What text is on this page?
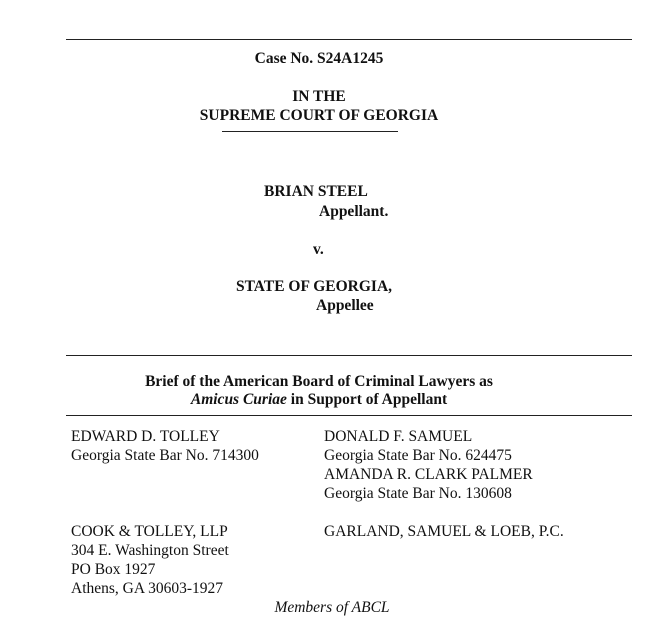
Case No. S24A1245
IN THE
SUPREME COURT OF GEORGIA
BRIAN STEEL
Appellant.
v.
STATE OF GEORGIA,
Appellee
Brief of the American Board of Criminal Lawyers as
Amicus Curiae in Support of Appellant
EDWARD D. TOLLEY
Georgia State Bar No. 714300
DONALD F. SAMUEL
Georgia State Bar No. 624475
AMANDA R. CLARK PALMER
Georgia State Bar No. 130608
COOK & TOLLEY, LLP
304 E. Washington Street
PO Box 1927
Athens, GA 30603-1927
GARLAND, SAMUEL & LOEB, P.C.
Members of ABCL
